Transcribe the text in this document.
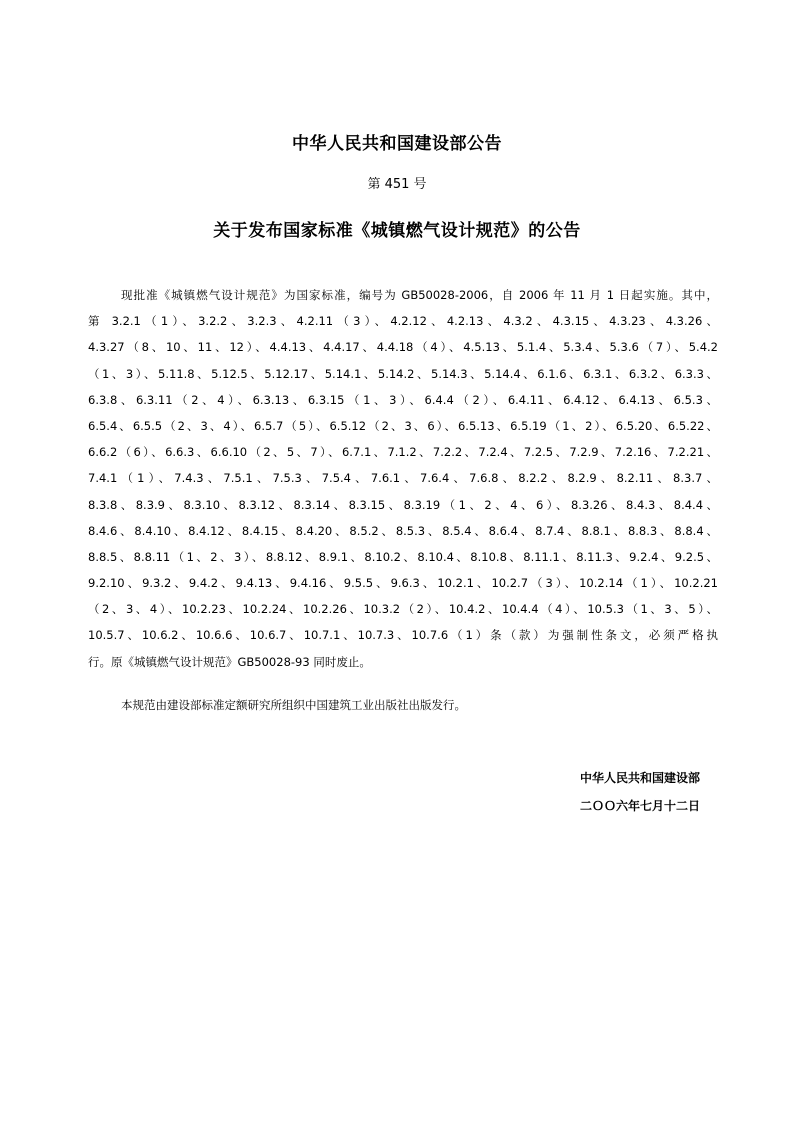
中华人民共和国建设部公告
第 451 号
关于发布国家标准《城镇燃气设计规范》的公告
现批准《城镇燃气设计规范》为国家标准，编号为 GB50028-2006，自 2006 年 11 月 1 日起实施。其中，
第 3.2.1（1）、3.2.2、3.2.3、4.2.11（3）、4.2.12、4.2.13、4.3.2、4.3.15、4.3.23、4.3.26、
4.3.27（8、10、11、12）、4.4.13、4.4.17、4.4.18（4）、4.5.13、5.1.4、5.3.4、5.3.6（7）、5.4.2
（1、3）、5.11.8、5.12.5、5.12.17、5.14.1、5.14.2、5.14.3、5.14.4、6.1.6、6.3.1、6.3.2、6.3.3、
6.3.8、6.3.11（2、4）、6.3.13、6.3.15（1、3）、6.4.4（2）、6.4.11、6.4.12、6.4.13、6.5.3、
6.5.4、6.5.5（2、3、4）、6.5.7（5）、6.5.12（2、3、6）、6.5.13、6.5.19（1、2）、6.5.20、6.5.22、
6.6.2（6）、6.6.3、6.6.10（2、5、7）、6.7.1、7.1.2、7.2.2、7.2.4、7.2.5、7.2.9、7.2.16、7.2.21、
7.4.1（1）、7.4.3、7.5.1、7.5.3、7.5.4、7.6.1、7.6.4、7.6.8、8.2.2、8.2.9、8.2.11、8.3.7、
8.3.8、8.3.9、8.3.10、8.3.12、8.3.14、8.3.15、8.3.19（1、2、4、6）、8.3.26、8.4.3、8.4.4、
8.4.6、8.4.10、8.4.12、8.4.15、8.4.20、8.5.2、8.5.3、8.5.4、8.6.4、8.7.4、8.8.1、8.8.3、8.8.4、
8.8.5、8.8.11（1、2、3）、8.8.12、8.9.1、8.10.2、8.10.4、8.10.8、8.11.1、8.11.3、9.2.4、9.2.5、
9.2.10、9.3.2、9.4.2、9.4.13、9.4.16、9.5.5、9.6.3、10.2.1、10.2.7（3）、10.2.14（1）、10.2.21
（2、3、4）、10.2.23、10.2.24、10.2.26、10.3.2（2）、10.4.2、10.4.4（4）、10.5.3（1、3、5）、
10.5.7、10.6.2、10.6.6、10.6.7、10.7.1、10.7.3、10.7.6（1）条（款）为强制性条文，必须严格执
行。原《城镇燃气设计规范》GB50028-93 同时废止。
本规范由建设部标准定额研究所组织中国建筑工业出版社出版发行。
中华人民共和国建设部
二ＯＯ六年七月十二日
